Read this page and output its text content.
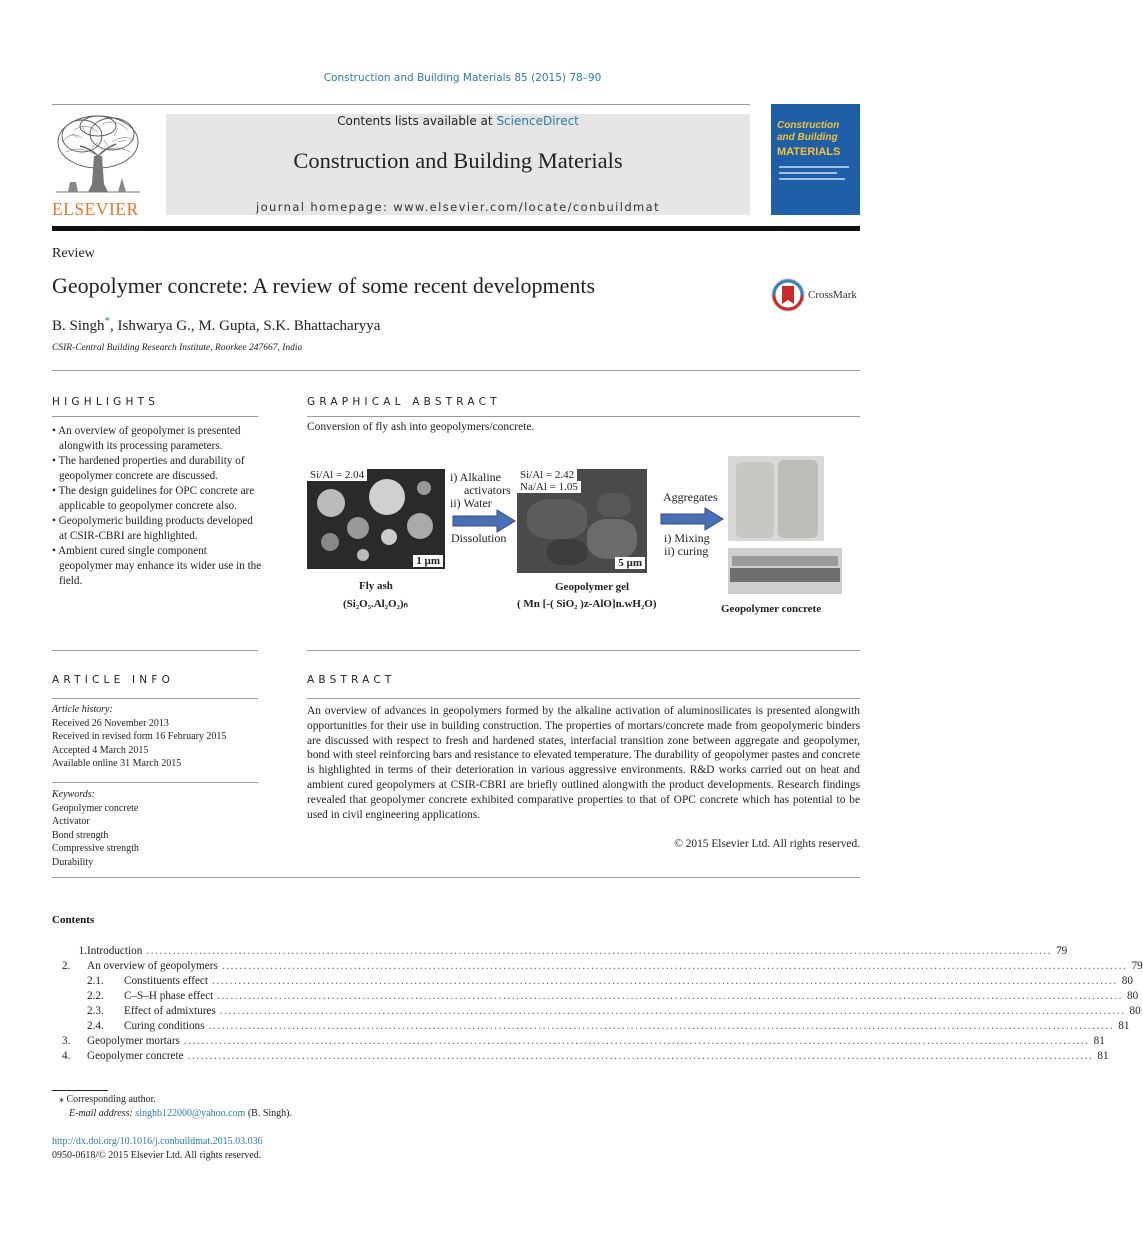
Construction and Building Materials 85 (2015) 78–90
ELSEVIER
Contents lists available at ScienceDirect
Construction and Building Materials
journal homepage: www.elsevier.com/locate/conbuildmat
Construction and Building
MATERIALS
Review
Geopolymer concrete: A review of some recent developments
B. Singh*, Ishwarya G., M. Gupta, S.K. Bhattacharyya
CSIR-Central Building Research Institute, Roorkee 247667, India
CrossMark
HIGHLIGHTS
• An overview of geopolymer is presented alongwith its processing parameters.
• The hardened properties and durability of geopolymer concrete are discussed.
• The design guidelines for OPC concrete are applicable to geopolymer concrete also.
• Geopolymeric building products developed at CSIR-CBRI are highlighted.
• Ambient cured single component geopolymer may enhance its wider use in the field.
GRAPHICAL ABSTRACT
Conversion of fly ash into geopolymers/concrete.
Si/Al = 2.04
1 µm
Fly ash
(Si₂O₅.Al₂O₂)ₙ
i) Alkaline
activators
ii) Water
Dissolution
Si/Al = 2.42
Na/Al = 1.05
5 µm
Geopolymer gel
( Mn [-( SiO₂ )z-AlO]n.wH₂O)
Aggregates
i) Mixing
ii) curing
Geopolymer concrete
ARTICLE INFO
Article history:
Received 26 November 2013
Received in revised form 16 February 2015
Accepted 4 March 2015
Available online 31 March 2015
Keywords:
Geopolymer concrete
Activator
Bond strength
Compressive strength
Durability
ABSTRACT
An overview of advances in geopolymers formed by the alkaline activation of aluminosilicates is presented alongwith opportunities for their use in building construction. The properties of mortars/concrete made from geopolymeric binders are discussed with respect to fresh and hardened states, interfacial transition zone between aggregate and geopolymer, bond with steel reinforcing bars and resistance to elevated temperature. The durability of geopolymer pastes and concrete is highlighted in terms of their deterioration in various aggressive environments. R&D works carried out on heat and ambient cured geopolymers at CSIR-CBRI are briefly outlined alongwith the product developments. Research findings revealed that geopolymer concrete exhibited comparative properties to that of OPC concrete which has potential to be used in civil engineering applications.
© 2015 Elsevier Ltd. All rights reserved.
Contents
1. Introduction .............................................................................................................................................................................................................. 79
2.	An overview of geopolymers .............................................................................................................................................................................................................. 79
2.1.	Constituents effect .............................................................................................................................................................................................................. 80
2.2.	C–S–H phase effect .............................................................................................................................................................................................................. 80
2.3.	Effect of admixtures .............................................................................................................................................................................................................. 80
2.4.	Curing conditions .............................................................................................................................................................................................................. 81
3.	Geopolymer mortars .............................................................................................................................................................................................................. 81
4.	Geopolymer concrete .............................................................................................................................................................................................................. 81
⁎ Corresponding author.
E-mail address: singhb122000@yahoo.com (B. Singh).
http://dx.doi.org/10.1016/j.conbuildmat.2015.03.036
0950-0618/© 2015 Elsevier Ltd. All rights reserved.
